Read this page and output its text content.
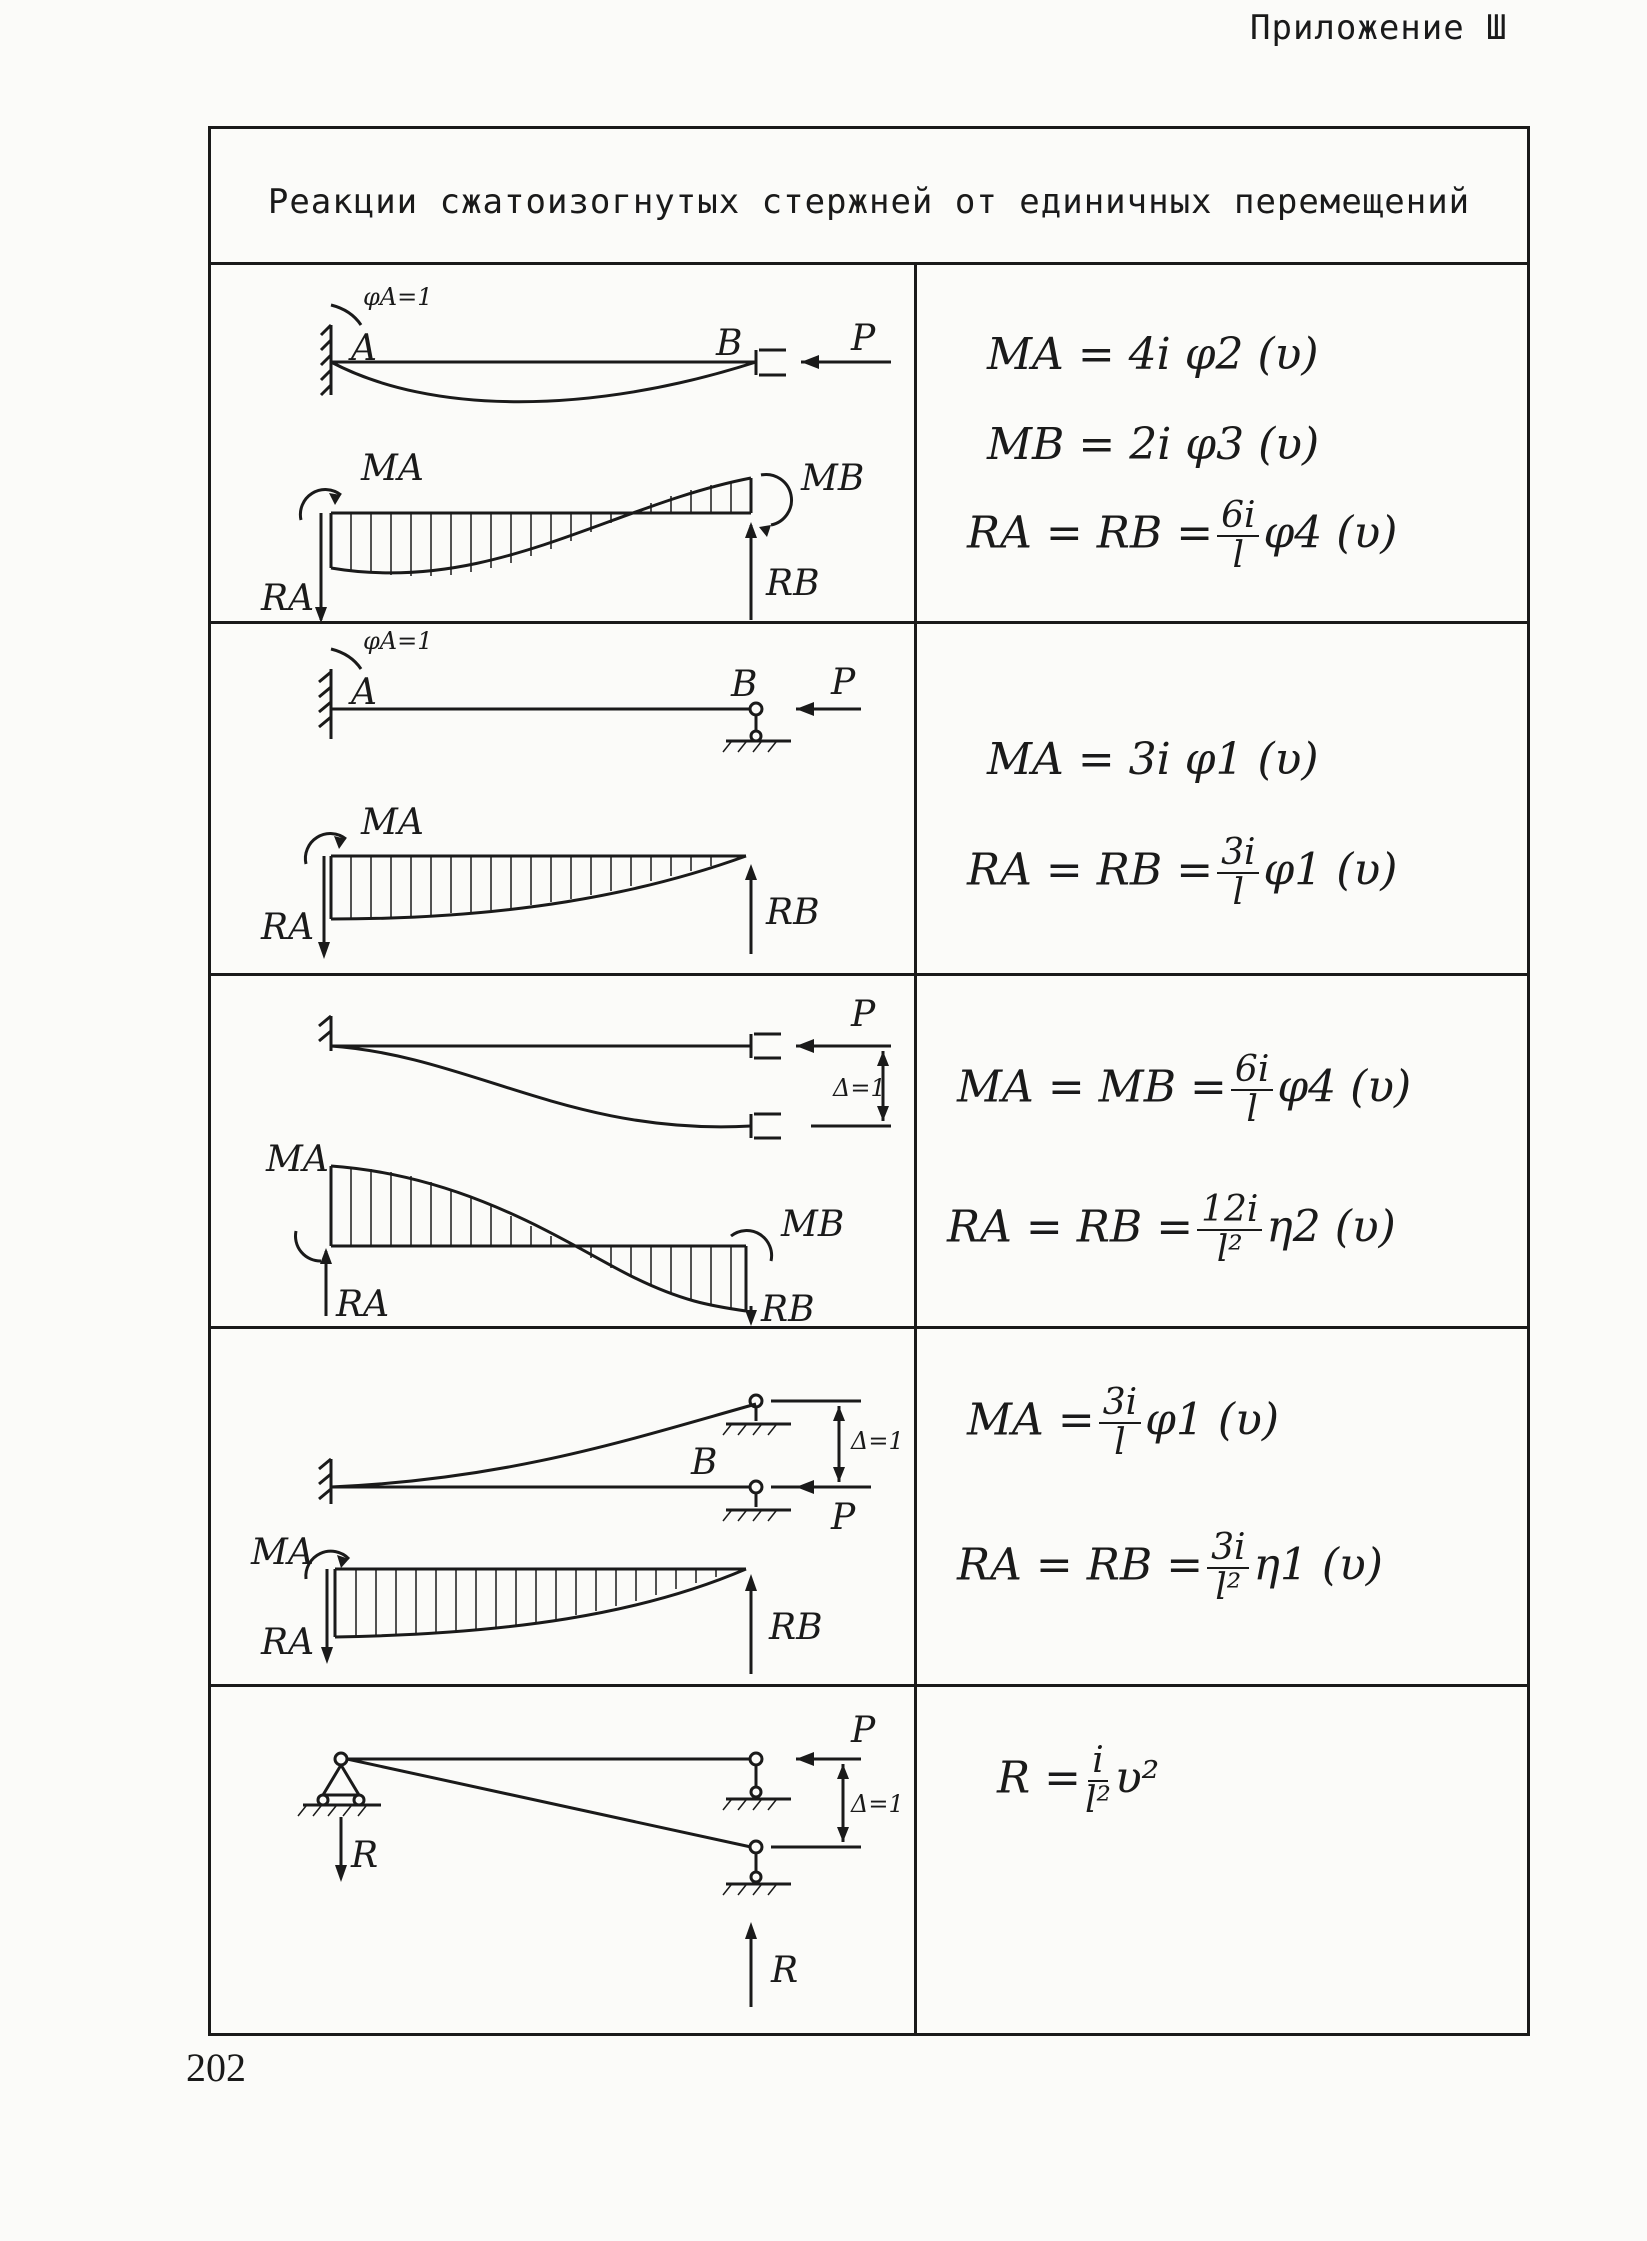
Приложение Ш
Реакции сжатоизогнутых стержней от единичных перемещений
φA=1
A	B	P
MA	MB
RA	RB
MA = 4i φ2 (υ)
MB = 2i φ3 (υ)
RA = RB = $\frac{6i}{l} \varphi 4$ (υ)
φA=1
A	B P
MA
RA	RB
MA = 3i φ1 (υ)
RA = RB = $\frac{3i}{l} \varphi 1$ (υ)
P
Δ=1
MA
MB
RA	RB
MA = MB = $\frac{6i}{l} \varphi 4$ (υ)
RA = RB = $\frac{12i}{\text{l²}} \eta 2$ (υ)
Δ=1
B
P
MA
RA	RB
MA = $\frac{3i}{l} \varphi 1$ (υ)
RA = RB = $\frac{3i}{\text{l²}} \eta 1$ (υ)
P
Δ=1
R
R
$R = \frac{i}{\text{l²}} \upsilon^2$
202
